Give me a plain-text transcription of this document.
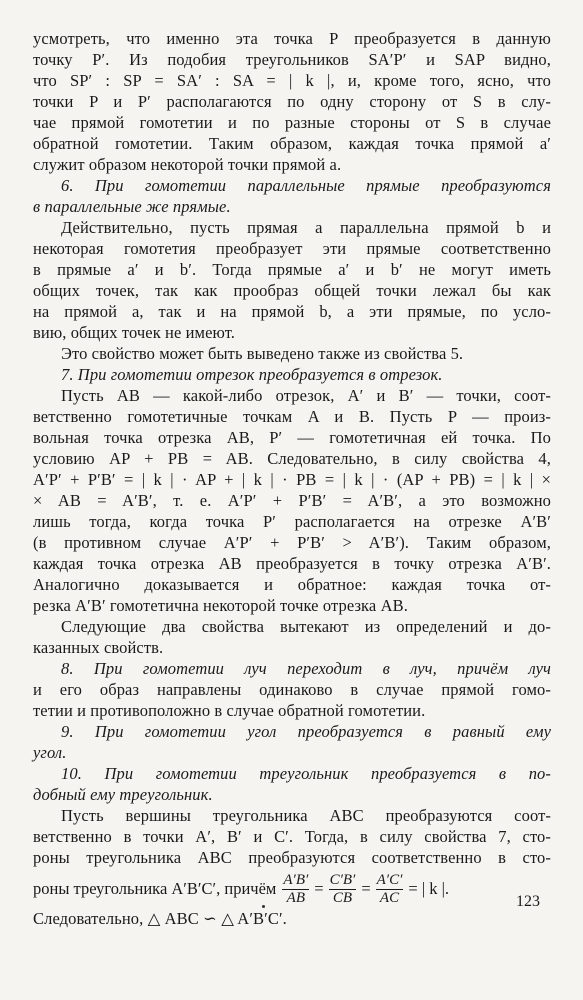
усмотреть, что именно эта точка P преобразуется в данную
точку P′. Из подобия треугольников SA′P′ и SAP видно,
что SP′ : SP = SA′ : SA = | k |, и, кроме того, ясно, что
точки P и P′ располагаются по одну сторону от S в слу-
чае прямой гомотетии и по разные стороны от S в случае
обратной гомотетии. Таким образом, каждая точка прямой a′
служит образом некоторой точки прямой a.
6. При гомотетии параллельные прямые преобразуются
в параллельные же прямые.
Действительно, пусть прямая a параллельна прямой b и
некоторая гомотетия преобразует эти прямые соответственно
в прямые a′ и b′. Тогда прямые a′ и b′ не могут иметь
общих точек, так как прообраз общей точки лежал бы как
на прямой a, так и на прямой b, а эти прямые, по усло-
вию, общих точек не имеют.
Это свойство может быть выведено также из свойства 5.
7. При гомотетии отрезок преобразуется в отрезок.
Пусть AB — какой-либо отрезок, A′ и B′ — точки, соот-
ветственно гомотетичные точкам A и B. Пусть P — произ-
вольная точка отрезка AB, P′ — гомотетичная ей точка. По
условию AP + PB = AB. Следовательно, в силу свойства 4,
A′P′ + P′B′ = | k | · AP + | k | · PB = | k | · (AP + PB) = | k | ×
× AB = A′B′, т. е. A′P′ + P′B′ = A′B′, а это возможно
лишь тогда, когда точка P′ располагается на отрезке A′B′
(в противном случае A′P′ + P′B′ > A′B′). Таким образом,
каждая точка отрезка AB преобразуется в точку отрезка A′B′.
Аналогично доказывается и обратное: каждая точка от-
резка A′B′ гомотетична некоторой точке отрезка AB.
Следующие два свойства вытекают из определений и до-
казанных свойств.
8. При гомотетии луч переходит в луч, причём луч
и его образ направлены одинаково в случае прямой гомо-
тетии и противоположно в случае обратной гомотетии.
9. При гомотетии угол преобразуется в равный ему
угол.
10. При гомотетии треугольник преобразуется в по-
добный ему треугольник.
Пусть вершины треугольника ABC преобразуются соот-
ветственно в точки A′, B′ и C′. Тогда, в силу свойства 7, сто-
роны треугольника ABC преобразуются соответственно в сто-
роны треугольника A′B′C′, причём $\frac{A'B'}{AB} = \frac{C'B'}{CB} = \frac{A'C'}{AC}$ = | k |.
Следовательно, △ ABC ∽ △ A′B′C′.
123
